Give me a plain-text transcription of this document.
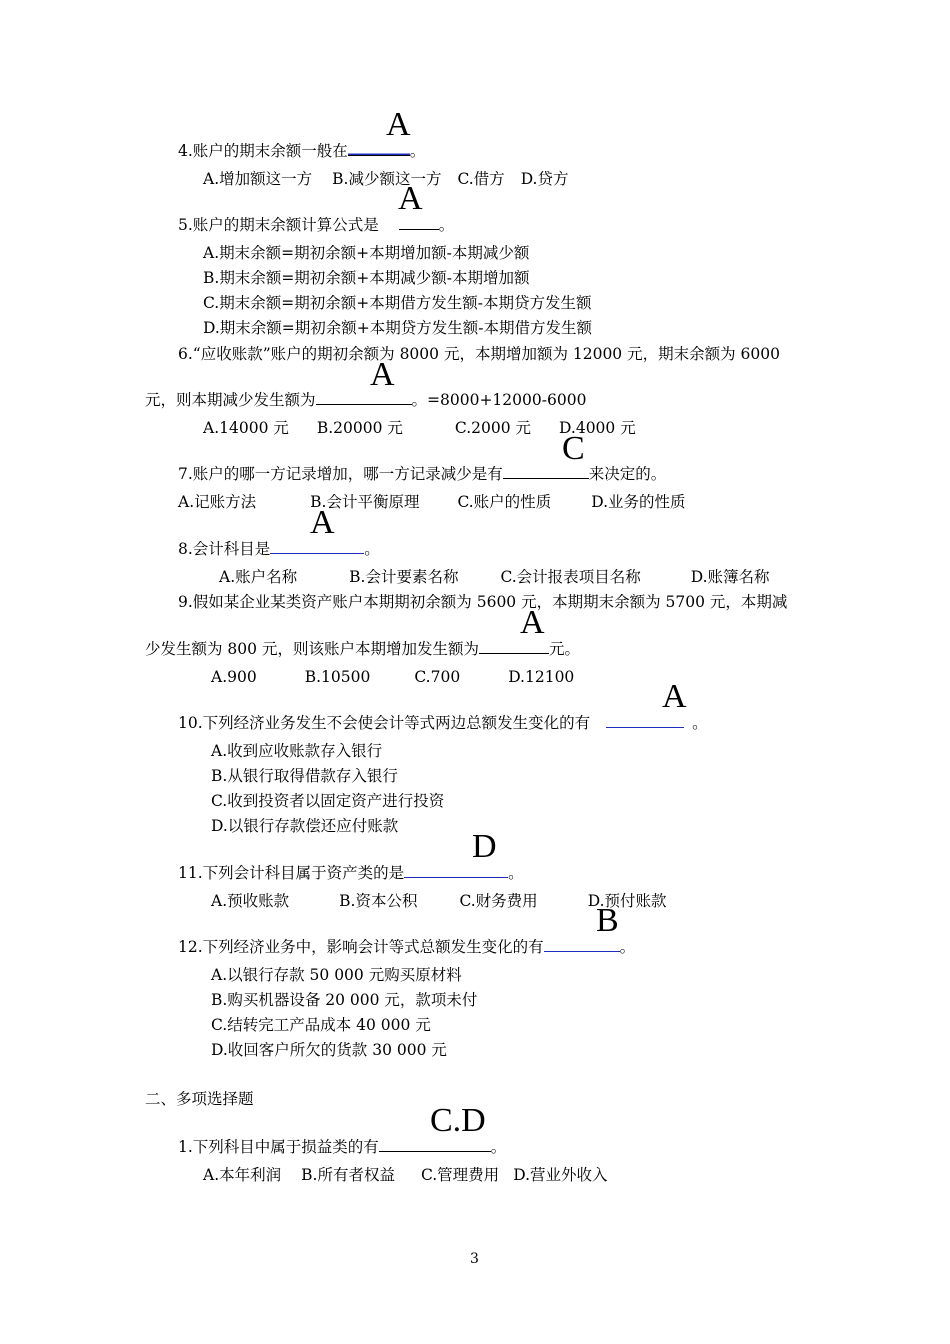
A
4.账户的期末余额一般在	。
A.增加额这一方 B.减少额这一方 C.借方 D.贷方
A
5.账户的期末余额计算公式是	。
A.期末余额=期初余额+本期增加额-本期减少额
B.期末余额=期初余额+本期减少额-本期增加额
C.期末余额=期初余额+本期借方发生额-本期贷方发生额
D.期末余额=期初余额+本期贷方发生额-本期借方发生额
6.“应收账款”账户的期初余额为 8000 元，本期增加额为 12000 元，期末余额为 6000
A
元，则本期减少发生额为	。=8000+12000-6000
A.14000 元 B.20000 元	C.2000 元 D.4000 元
C
7.账户的哪一方记录增加，哪一方记录减少是有	来决定的。
A.记账方法	B.会计平衡原理 C.账户的性质	D.业务的性质
A
8.会计科目是	。
A.账户名称	B.会计要素名称	C.会计报表项目名称	D.账簿名称
9.假如某企业某类资产账户本期期初余额为 5600 元，本期期末余额为 5700 元，本期减
A
少发生额为 800 元，则该账户本期增加发生额为	元。
A.900	B.10500	C.700	D.12100
A
10.下列经济业务发生不会使会计等式两边总额发生变化的有	。
A.收到应收账款存入银行
B.从银行取得借款存入银行
C.收到投资者以固定资产进行投资
D.以银行存款偿还应付账款
D
11.下列会计科目属于资产类的是	。
A.预收账款	B.资本公积	C.财务费用	D.预付账款
B
12.下列经济业务中，影响会计等式总额发生变化的有	。
A.以银行存款 50 000 元购买原材料
B.购买机器设备 20 000 元，款项未付
C.结转完工产品成本 40 000 元
D.收回客户所欠的货款 30 000 元
二、多项选择题
C.D
1.下列科目中属于损益类的有	。
A.本年利润 B.所有者权益 C.管理费用 D.营业外收入
3
